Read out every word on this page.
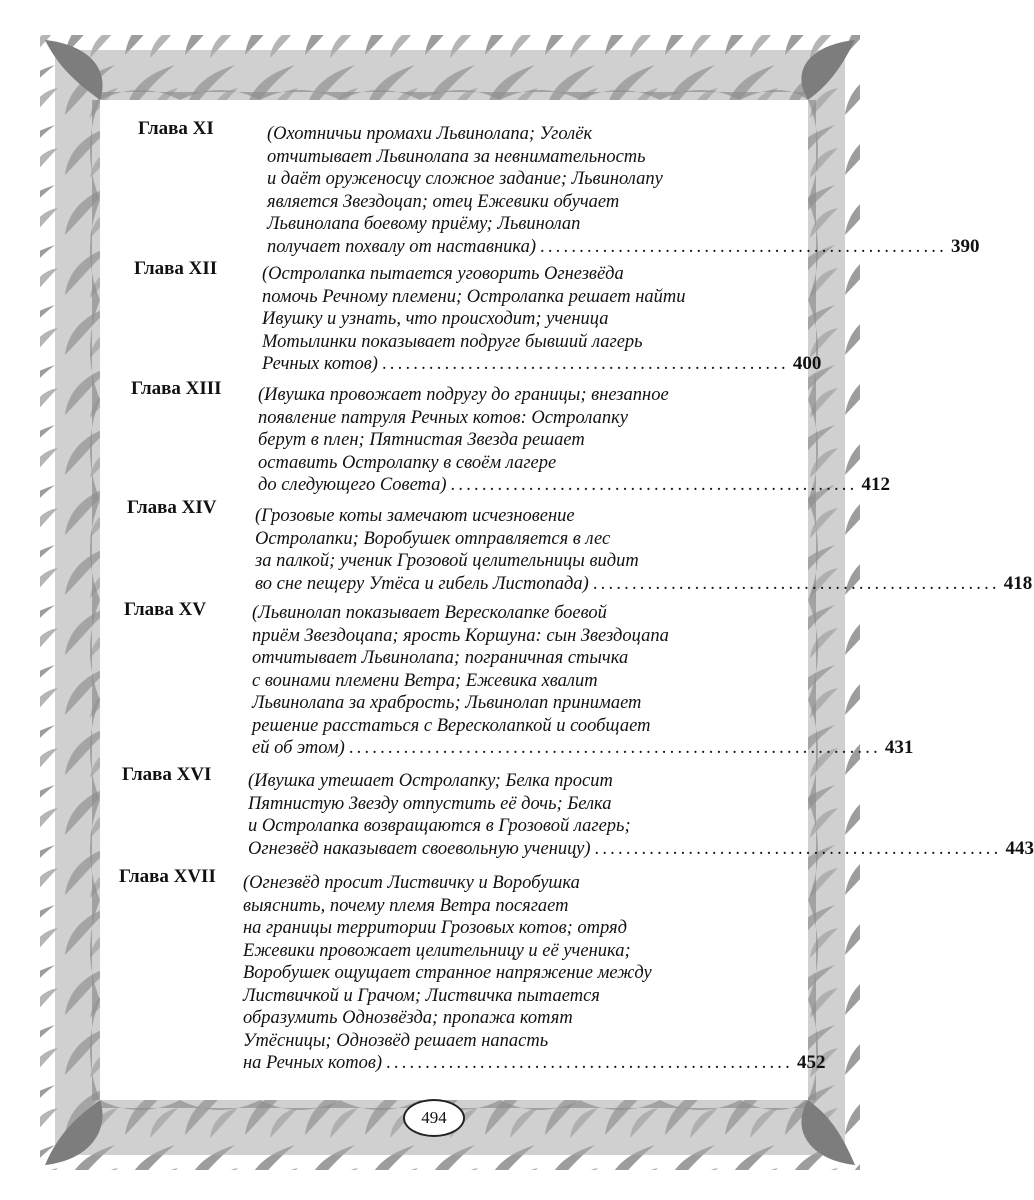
Глава XI	(Охотничьи промахи Львинолапа; Уголёк
отчитывает Львинолапа за невнимательность
и даёт оруженосцу сложное задание; Львинолапу
является Звездоцап; отец Ежевики обучает
Львинолапа боевому приёму; Львинолап
получает похвалу от наставника) .................................................... 390
Глава XII (Остролапка пытается уговорить Огнезвёда
помочь Речному племени; Остролапка решает найти
Ивушку и узнать, что происходит; ученица
Мотылинки показывает подруге бывший лагерь
Речных котов) .................................................... 400
Глава XIII (Ивушка провожает подругу до границы; внезапное
появление патруля Речных котов: Остролапку
берут в плен; Пятнистая Звезда решает
оставить Остролапку в своём лагере
до следующего Совета) .................................................... 412
Глава XIV (Грозовые коты замечают исчезновение
Остролапки; Воробушек отправляется в лес
за палкой; ученик Грозовой целительницы видит
во сне пещеру Утёса и гибель Листопада) .................................................... 418
Глава XV (Львинолап показывает Вересколапке боевой
приём Звездоцапа; ярость Коршуна: сын Звездоцапа
отчитывает Львинолапа; пограничная стычка
с воинами племени Ветра; Ежевика хвалит
Львинолапа за храбрость; Львинолап принимает
решение расстаться с Вересколапкой и сообщает
ей об этом) .................................................................... 431
Глава XVI (Ивушка утешает Остролапку; Белка просит
Пятнистую Звезду отпустить её дочь; Белка
и Остролапка возвращаются в Грозовой лагерь;
Огнезвёд наказывает своевольную ученицу) .................................................... 443
Глава XVII (Огнезвёд просит Листвичку и Воробушка
выяснить, почему племя Ветра посягает
на границы территории Грозовых котов; отряд
Ежевики провожает целительницу и её ученика;
Воробушек ощущает странное напряжение между
Листвичкой и Грачом; Листвичка пытается
образумить Однозвёзда; пропажа котят
Утёсницы; Однозвёд решает напасть
на Речных котов) .................................................... 452
494
